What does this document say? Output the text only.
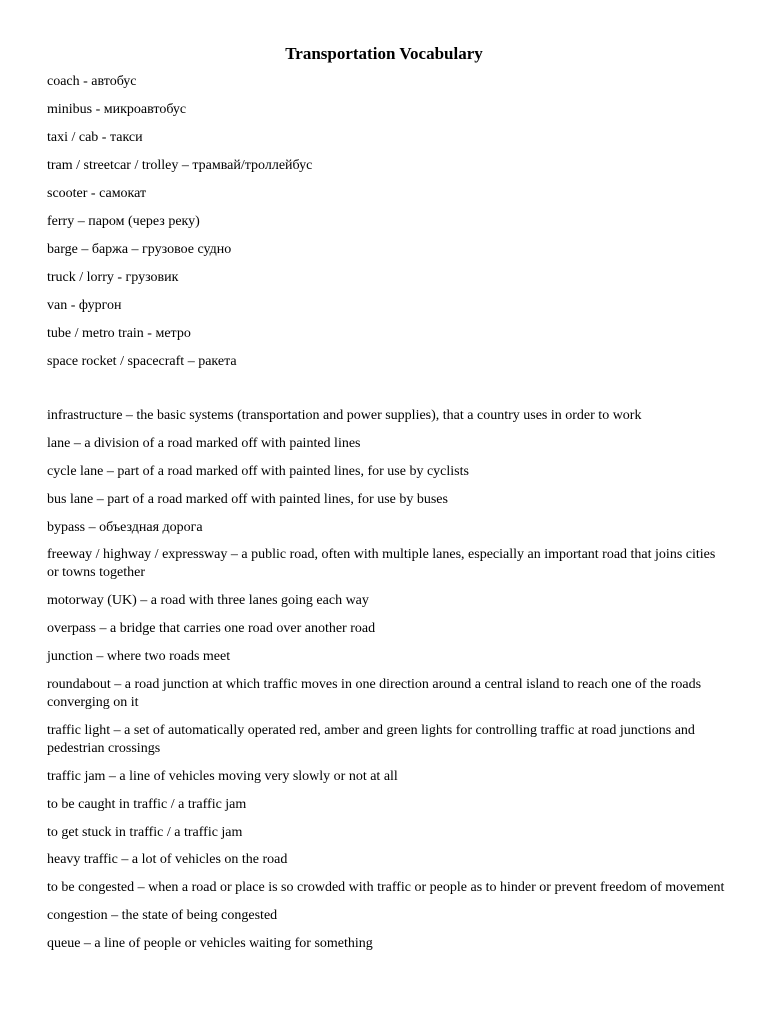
Transportation Vocabulary
coach - автобус
minibus - микроавтобус
taxi / cab - такси
tram / streetcar / trolley – трамвай/троллейбус
scooter - самокат
ferry – паром (через реку)
barge – баржа – грузовое судно
truck / lorry - грузовик
van - фургон
tube / metro train - метро
space rocket / spacecraft – ракета
infrastructure – the basic systems (transportation and power supplies), that a country uses in order to work
lane – a division of a road marked off with painted lines
cycle lane – part of a road marked off with painted lines, for use by cyclists
bus lane – part of a road marked off with painted lines, for use by buses
bypass – объездная дорога
freeway / highway / expressway – a public road, often with multiple lanes, especially an important road that joins cities or towns together
motorway (UK) – a road with three lanes going each way
overpass – a bridge that carries one road over another road
junction – where two roads meet
roundabout – a road junction at which traffic moves in one direction around a central island to reach one of the roads converging on it
traffic light – a set of automatically operated red, amber and green lights for controlling traffic at road junctions and pedestrian crossings
traffic jam – a line of vehicles moving very slowly or not at all
to be caught in traffic / a traffic jam
to get stuck in traffic / a traffic jam
heavy traffic – a lot of vehicles on the road
to be congested – when a road or place is so crowded with traffic or people as to hinder or prevent freedom of movement
congestion – the state of being congested
queue – a line of people or vehicles waiting for something
